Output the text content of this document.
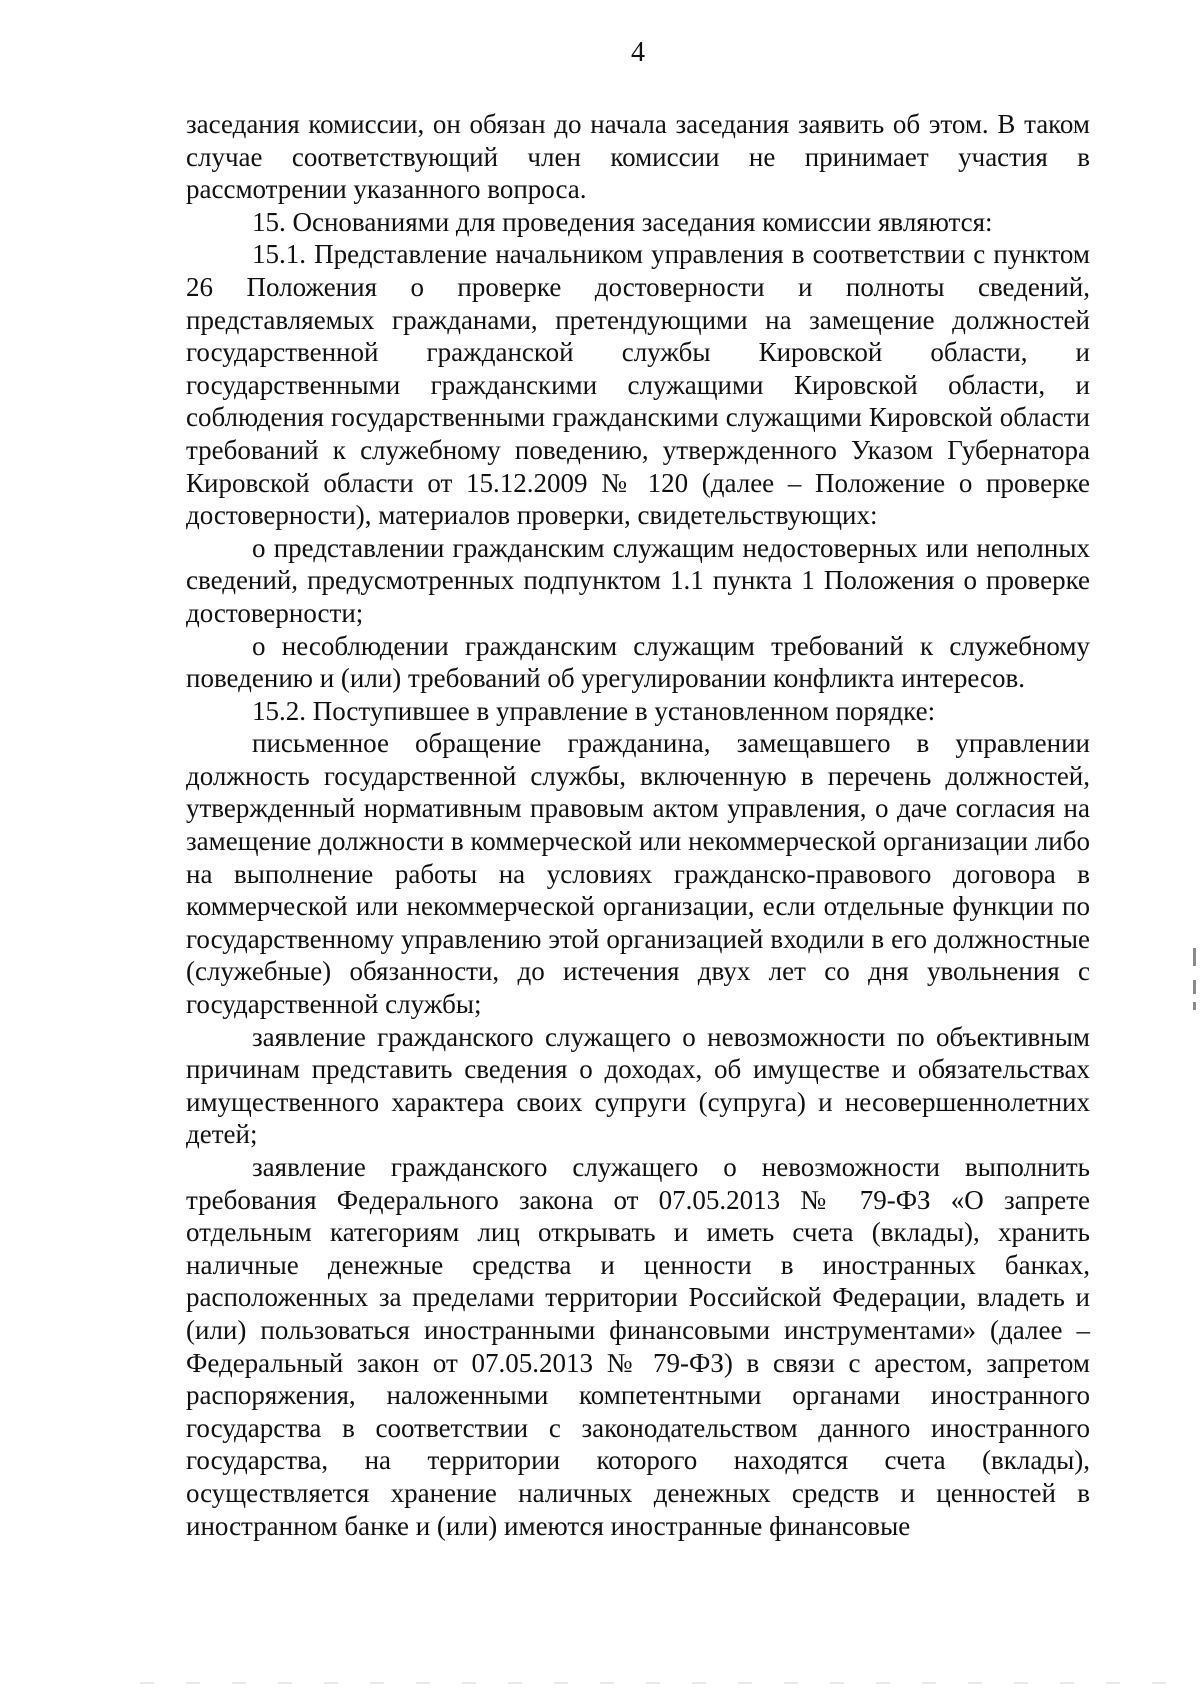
4

заседания комиссии, он обязан до начала заседания заявить об этом. В таком случае соответствующий член комиссии не принимает участия в рассмотрении указанного вопроса.

15. Основаниями для проведения заседания комиссии являются:

15.1. Представление начальником управления в соответствии с пунктом 26 Положения о проверке достоверности и полноты сведений, представляемых гражданами, претендующими на замещение должностей государственной гражданской службы Кировской области, и государственными гражданскими служащими Кировской области, и соблюдения государственными гражданскими служащими Кировской области требований к служебному поведению, утвержденного Указом Губернатора Кировской области от 15.12.2009 № 120 (далее – Положение о проверке достоверности), материалов проверки, свидетельствующих:

о представлении гражданским служащим недостоверных или неполных сведений, предусмотренных подпунктом 1.1 пункта 1 Положения о проверке достоверности;

о несоблюдении гражданским служащим требований к служебному поведению и (или) требований об урегулировании конфликта интересов.

15.2. Поступившее в управление в установленном порядке:

письменное обращение гражданина, замещавшего в управлении должность государственной службы, включенную в перечень должностей, утвержденный нормативным правовым актом управления, о даче согласия на замещение должности в коммерческой или некоммерческой организации либо на выполнение работы на условиях гражданско-правового договора в коммерческой или некоммерческой организации, если отдельные функции по государственному управлению этой организацией входили в его должностные (служебные) обязанности, до истечения двух лет со дня увольнения с государственной службы;

заявление гражданского служащего о невозможности по объективным причинам представить сведения о доходах, об имуществе и обязательствах имущественного характера своих супруги (супруга) и несовершеннолетних детей;

заявление гражданского служащего о невозможности выполнить требования Федерального закона от 07.05.2013 № 79-ФЗ «О запрете отдельным категориям лиц открывать и иметь счета (вклады), хранить наличные денежные средства и ценности в иностранных банках, расположенных за пределами территории Российской Федерации, владеть и (или) пользоваться иностранными финансовыми инструментами» (далее – Федеральный закон от 07.05.2013 № 79-ФЗ) в связи с арестом, запретом распоряжения, наложенными компетентными органами иностранного государства в соответствии с законодательством данного иностранного государства, на территории которого находятся счета (вклады), осуществляется хранение наличных денежных средств и ценностей в иностранном банке и (или) имеются иностранные финансовые
